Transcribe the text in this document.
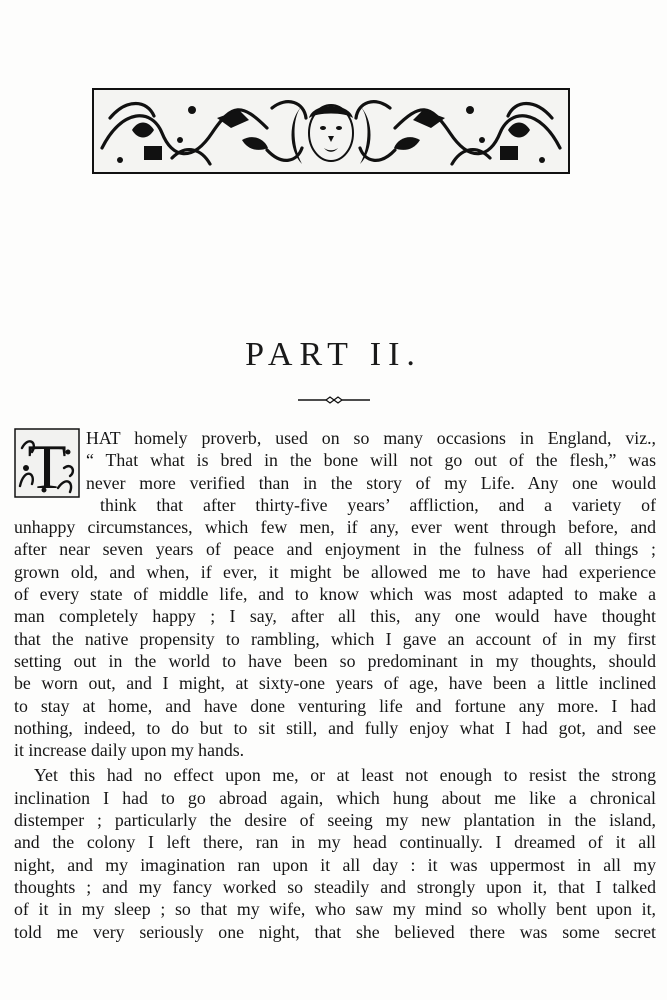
PART II.
T	HAT homely proverb, used on so many occasions in England, viz.,
“ That what is bred in the bone will not go out of the flesh,” was
never more verified than in the story of my Life. Any one would
think that after thirty-five years’ affliction, and a variety of
unhappy circumstances, which few men, if any, ever went through before, and
after near seven years of peace and enjoyment in the fulness of all things ;
grown old, and when, if ever, it might be allowed me to have had experience
of every state of middle life, and to know which was most adapted to make a
man completely happy ; I say, after all this, any one would have thought
that the native propensity to rambling, which I gave an account of in my first
setting out in the world to have been so predominant in my thoughts, should
be worn out, and I might, at sixty-one years of age, have been a little inclined
to stay at home, and have done venturing life and fortune any more. I had
nothing, indeed, to do but to sit still, and fully enjoy what I had got, and see
it increase daily upon my hands.
Yet this had no effect upon me, or at least not enough to resist the strong
inclination I had to go abroad again, which hung about me like a chronical
distemper ; particularly the desire of seeing my new plantation in the island,
and the colony I left there, ran in my head continually. I dreamed of it all
night, and my imagination ran upon it all day : it was uppermost in all my
thoughts ; and my fancy worked so steadily and strongly upon it, that I talked
of it in my sleep ; so that my wife, who saw my mind so wholly bent upon it,
told me very seriously one night, that she believed there was some secret
